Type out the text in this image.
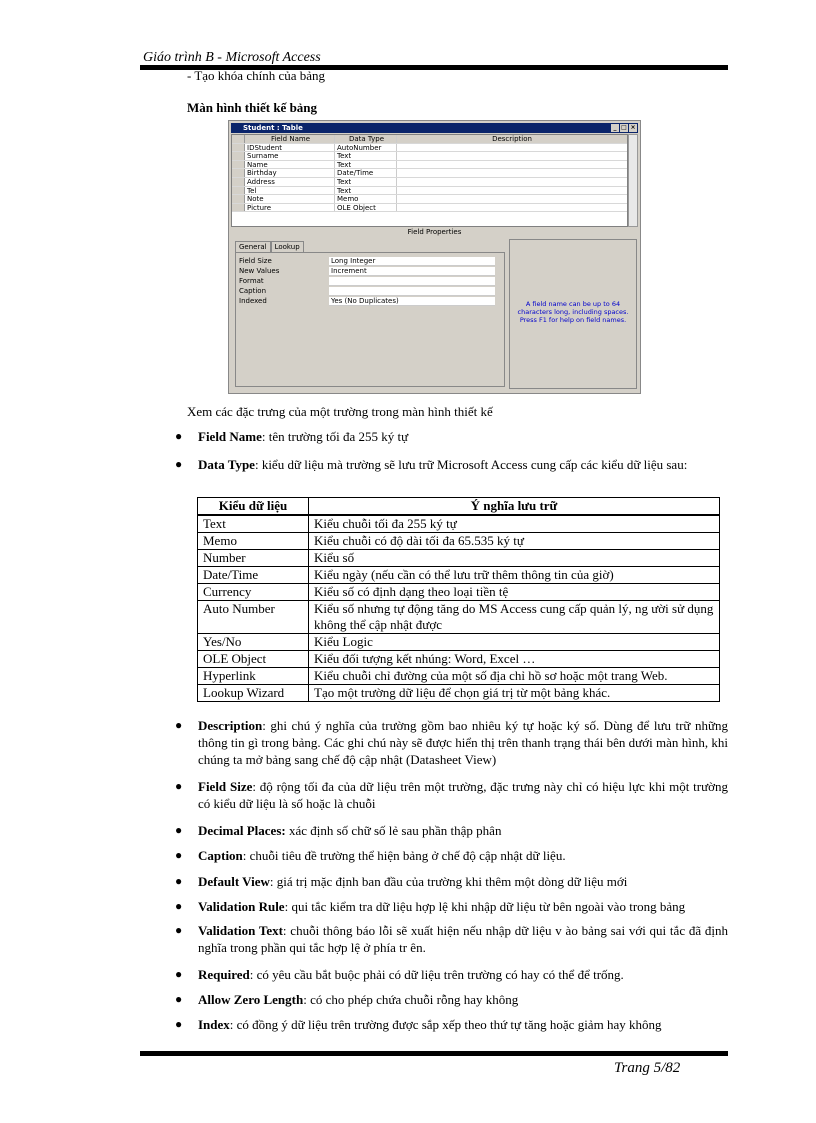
Giáo trình B - Microsoft Access
- Tạo khóa chính của bảng
Màn hình thiết kế bảng
Student : Table	_ □ ×
Field Name	Data Type	Description
IDStudent	AutoNumber
Surname	Text
Name	Text
Birthday	Date/Time
Address	Text
Tel	Text
Note	Memo
Picture	OLE Object
Field Properties
General	Lookup
Field Size	Long Integer
New Values	Increment
Format
Caption
Indexed	Yes (No Duplicates)	A field name can be up to 64 characters long, including spaces. Press F1 for help on field names.
Xem các đặc trưng của một trường trong màn hình thiết kế
● Field Name: tên trường tối đa 255 ký tự
● Data Type: kiểu dữ liệu mà trường sẽ lưu trữ Microsoft Access cung cấp các kiểu dữ liệu sau:
Kiểu dữ liệu	Ý nghĩa lưu trữ
Text	Kiểu chuỗi tối đa 255 ký tự
Memo	Kiểu chuỗi có độ dài tối đa 65.535 ký tự
Number	Kiểu số
Date/Time	Kiểu ngày (nếu cần có thể lưu trữ thêm thông tin của giờ)
Currency	Kiểu số có định dạng theo loại tiền tệ
Auto Number	Kiểu số nhưng tự động tăng do MS Access cung cấp quản lý, ng ười sử dụng không thể cập nhật được
Yes/No	Kiểu Logic
OLE Object	Kiểu đối tượng kết nhúng: Word, Excel …
Hyperlink	Kiểu chuỗi chỉ đường của một số địa chỉ hồ sơ hoặc một trang Web.
Lookup Wizard	Tạo một trường dữ liệu để chọn giá trị từ một bảng khác.
● Description: ghi chú ý nghĩa của trường gồm bao nhiêu ký tự hoặc ký số. Dùng để lưu trữ những thông tin gì trong bảng. Các ghi chú này sẽ được hiển thị trên thanh trạng thái bên dưới màn hình, khi chúng ta mở bảng sang chế độ cập nhật (Datasheet View)
● Field Size: độ rộng tối đa của dữ liệu trên một trường, đặc trưng này chỉ có hiệu lực khi một trường có kiểu dữ liệu là số hoặc là chuỗi
● Decimal Places: xác định số chữ số lẻ sau phần thập phân
● Caption: chuỗi tiêu đề trường thể hiện bảng ở chế độ cập nhật dữ liệu.
● Default View: giá trị mặc định ban đầu của trường khi thêm một dòng dữ liệu mới
● Validation Rule: qui tắc kiểm tra dữ liệu hợp lệ khi nhập dữ liệu từ bên ngoài vào trong bảng
● Validation Text: chuỗi thông báo lỗi sẽ xuất hiện nếu nhập dữ liệu v ào bảng sai với qui tắc đã định nghĩa trong phần qui tắc hợp lệ ở phía tr ên.
● Required: có yêu cầu bắt buộc phải có dữ liệu trên trường có hay có thể để trống.
● Allow Zero Length: có cho phép chứa chuỗi rỗng hay không
● Index: có đồng ý dữ liệu trên trường được sắp xếp theo thứ tự tăng hoặc giảm hay không
Trang 5/82
